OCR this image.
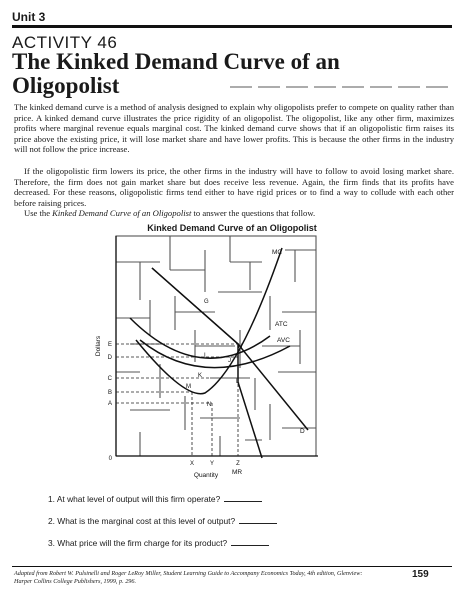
Unit 3
ACTIVITY 46
The Kinked Demand Curve of an Oligopolist

The kinked demand curve is a method of analysis designed to explain why oligopolists prefer to compete on quality rather than price. A kinked demand curve illustrates the price rigidity of an oligopolist. The oligopolist, like any other firm, maximizes profits where marginal revenue equals marginal cost. The kinked demand curve shows that if an oligopolistic firm raises its price above the existing price, it will lose market share and have lower profits. This is because the other firms in the industry will not follow the price increase.

If the oligopolistic firm lowers its price, the other firms in the industry will have to follow to avoid losing market share. Therefore, the firm does not gain market share but does receive less revenue. Again, the firm finds that its profits have decreased. For these reasons, oligopolistic firms tend either to have rigid prices or to find a way to collude with each other before raising prices.

Use the Kinked Demand Curve of an Oligopolist to answer the questions that follow.

Kinked Demand Curve of an Oligopolist
MC
ATC
AVC
D
MR
G
H
I
J
K
L
M
N
E
D
C
B
A
0
X	Y	Z
Dollars
Quantity
1. At what level of output will this firm operate?
2. What is the marginal cost at this level of output?
3. What price will the firm charge for its product?
Adapted from Robert W. Pulsinelli and Roger LeRoy Miller, Student Learning Guide to Accompany Economics Today, 4th edition, Glenview: Harper Collins College Publishers, 1999, p. 296.
159
